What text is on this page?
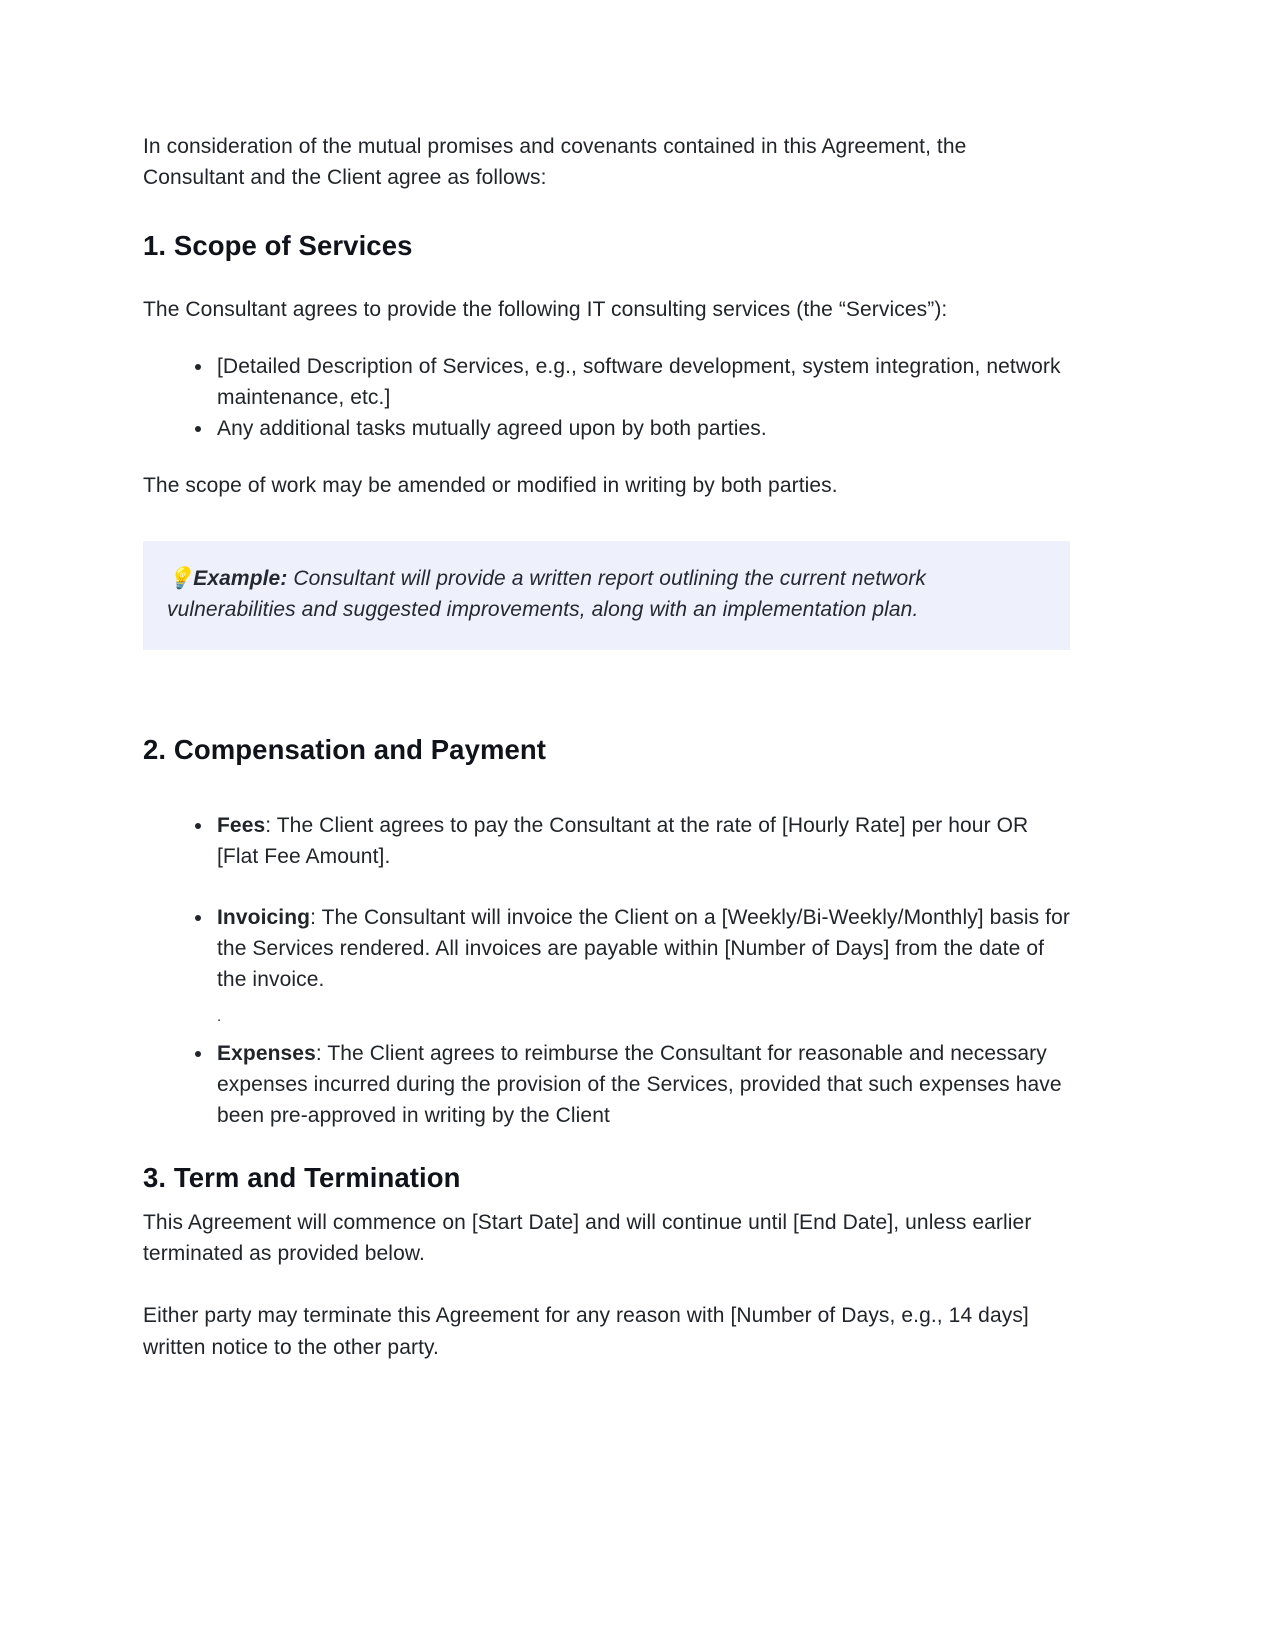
In consideration of the mutual promises and covenants contained in this Agreement, the Consultant and the Client agree as follows:

1. Scope of Services

The Consultant agrees to provide the following IT consulting services (the “Services”):

• [Detailed Description of Services, e.g., software development, system integration, network maintenance, etc.]
• Any additional tasks mutually agreed upon by both parties.

The scope of work may be amended or modified in writing by both parties.

💡Example: Consultant will provide a written report outlining the current network vulnerabilities and suggested improvements, along with an implementation plan.
2. Compensation and Payment
• Fees: The Client agrees to pay the Consultant at the rate of [Hourly Rate] per hour OR [Flat Fee Amount].
• Invoicing: The Consultant will invoice the Client on a [Weekly/Bi-Weekly/Monthly] basis for the Services rendered. All invoices are payable within [Number of Days] from the date of the invoice.
.
• Expenses: The Client agrees to reimburse the Consultant for reasonable and necessary expenses incurred during the provision of the Services, provided that such expenses have been pre-approved in writing by the Client
3. Term and Termination

This Agreement will commence on [Start Date] and will continue until [End Date], unless earlier terminated as provided below.

Either party may terminate this Agreement for any reason with [Number of Days, e.g., 14 days] written notice to the other party.
